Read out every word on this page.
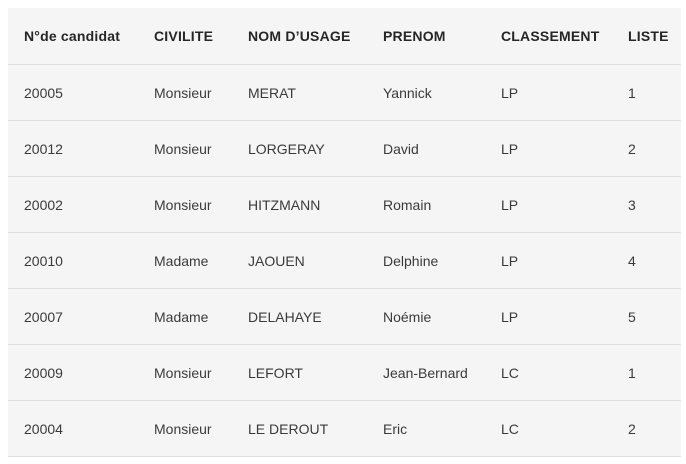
N°de candidat	CIVILITE	NOM D’USAGE	PRENOM	CLASSEMENT	LISTE
20005	Monsieur	MERAT	Yannick	LP	1
20012	Monsieur	LORGERAY	David	LP	2
20002	Monsieur	HITZMANN	Romain	LP	3
20010	Madame	JAOUEN	Delphine	LP	4
20007	Madame	DELAHAYE	Noémie	LP	5
20009	Monsieur	LEFORT	Jean-Bernard	LC	1
20004	Monsieur	LE DEROUT	Eric	LC	2
